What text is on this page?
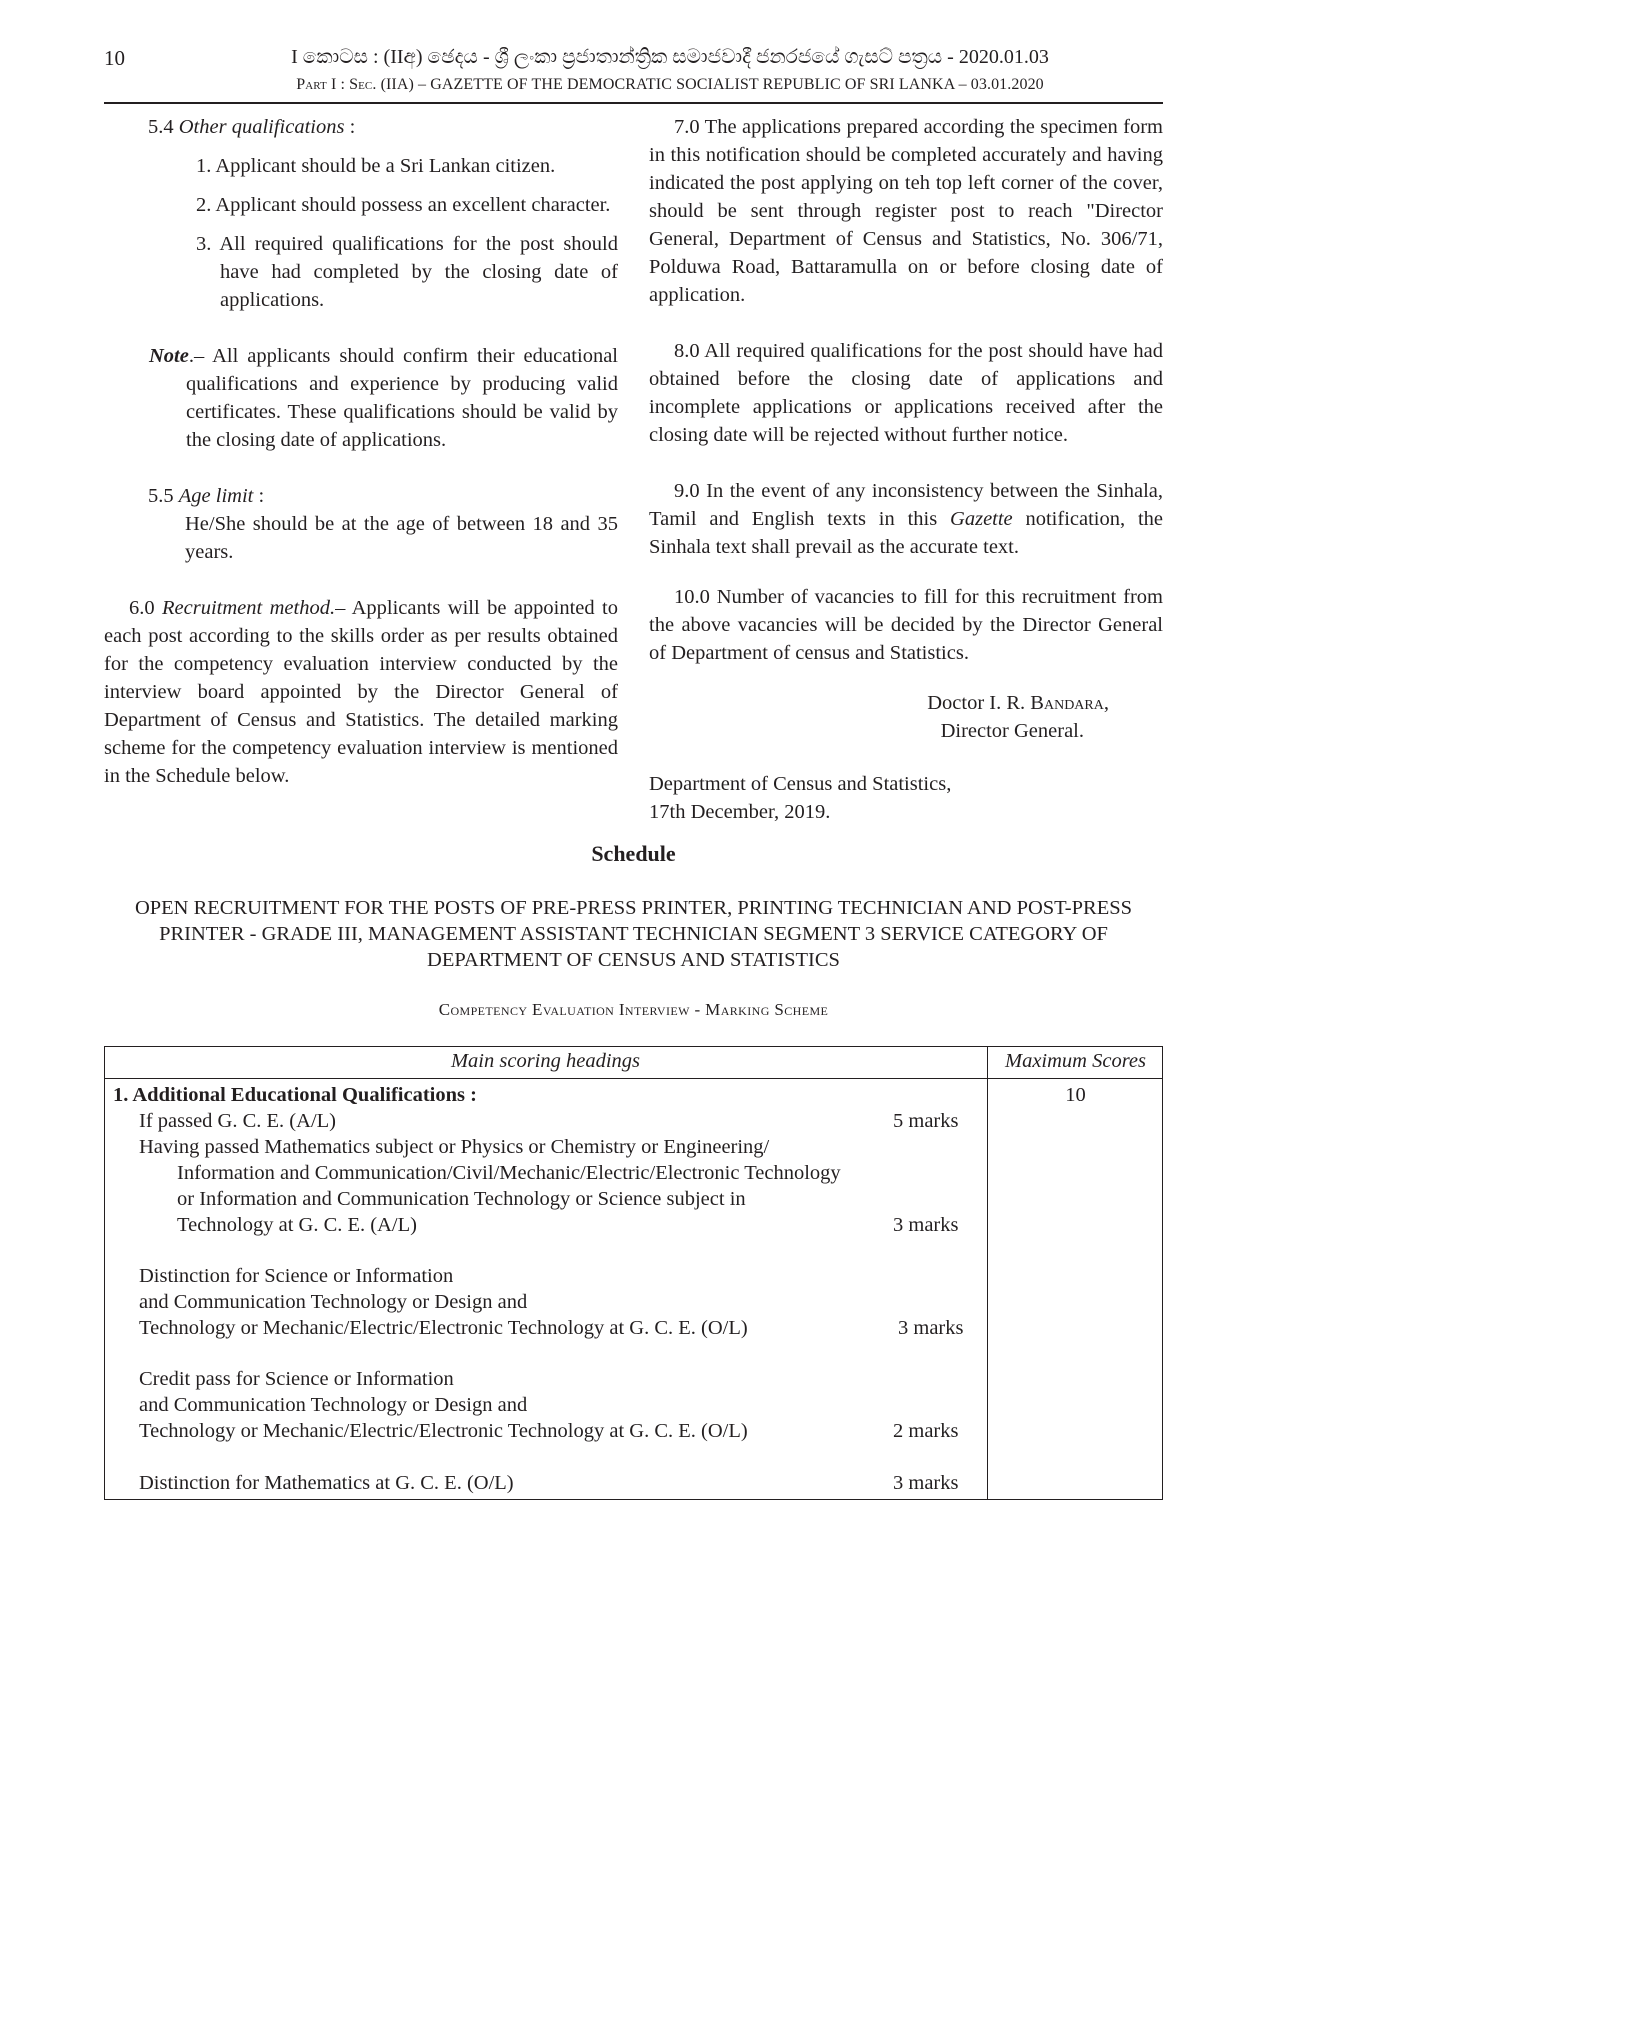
10	I කොටස : (IIඅ) ඡෙදය - ශ්‍රී ලංකා ප්‍රජාතාන්ත්‍රික සමාජවාදී ජනරජයේ ගැසට් පත්‍රය - 2020.01.03
Part I : Sec. (IIA) – GAZETTE OF THE DEMOCRATIC SOCIALIST REPUBLIC OF SRI LANKA – 03.01.2020

5.4 Other qualifications :

1. Applicant should be a Sri Lankan citizen.

2. Applicant should possess an excellent character.

3. All required qualifications for the post should have had completed by the closing date of applications.

Note.– All applicants should confirm their educational qualifications and experience by producing valid certificates. These qualifications should be valid by the closing date of applications.

5.5 Age limit :

He/She should be at the age of between 18 and 35 years.

6.0 Recruitment method.– Applicants will be appointed to each post according to the skills order as per results obtained for the competency evaluation interview conducted by the interview board appointed by the Director General of Department of Census and Statistics. The detailed marking scheme for the competency evaluation interview is mentioned in the Schedule below.

7.0 The applications prepared according the specimen form in this notification should be completed accurately and having indicated the post applying on teh top left corner of the cover, should be sent through register post to reach "Director General, Department of Census and Statistics, No. 306/71, Polduwa Road, Battaramulla on or before closing date of application.

8.0 All required qualifications for the post should have had obtained before the closing date of applications and incomplete applications or applications received after the closing date will be rejected without further notice.

9.0 In the event of any inconsistency between the Sinhala, Tamil and English texts in this Gazette notification, the Sinhala text shall prevail as the accurate text.

10.0 Number of vacancies to fill for this recruitment from the above vacancies will be decided by the Director General of Department of census and Statistics.

Doctor I. R. Bandara,
Director General.

Department of Census and Statistics,

17th December, 2019.

Schedule
OPEN RECRUITMENT FOR THE POSTS OF PRE-PRESS PRINTER, PRINTING TECHNICIAN AND POST-PRESS
PRINTER - GRADE III, MANAGEMENT ASSISTANT TECHNICIAN SEGMENT 3 SERVICE CATEGORY OF
DEPARTMENT OF CENSUS AND STATISTICS
Competency Evaluation Interview - Marking Scheme
Main scoring headings	Maximum Scores
1. Additional Educational Qualifications :	10
If passed G. C. E. (A/L)	5 marks
Having passed Mathematics subject or Physics or Chemistry or Engineering/
Information and Communication/Civil/Mechanic/Electric/Electronic Technology
or Information and Communication Technology or Science subject in
Technology at G. C. E. (A/L)	3 marks
Distinction for Science or Information
and Communication Technology or Design and
Technology or Mechanic/Electric/Electronic Technology at G. C. E. (O/L)	3 marks
Credit pass for Science or Information
and Communication Technology or Design and
Technology or Mechanic/Electric/Electronic Technology at G. C. E. (O/L)	2 marks
Distinction for Mathematics at G. C. E. (O/L)	3 marks
